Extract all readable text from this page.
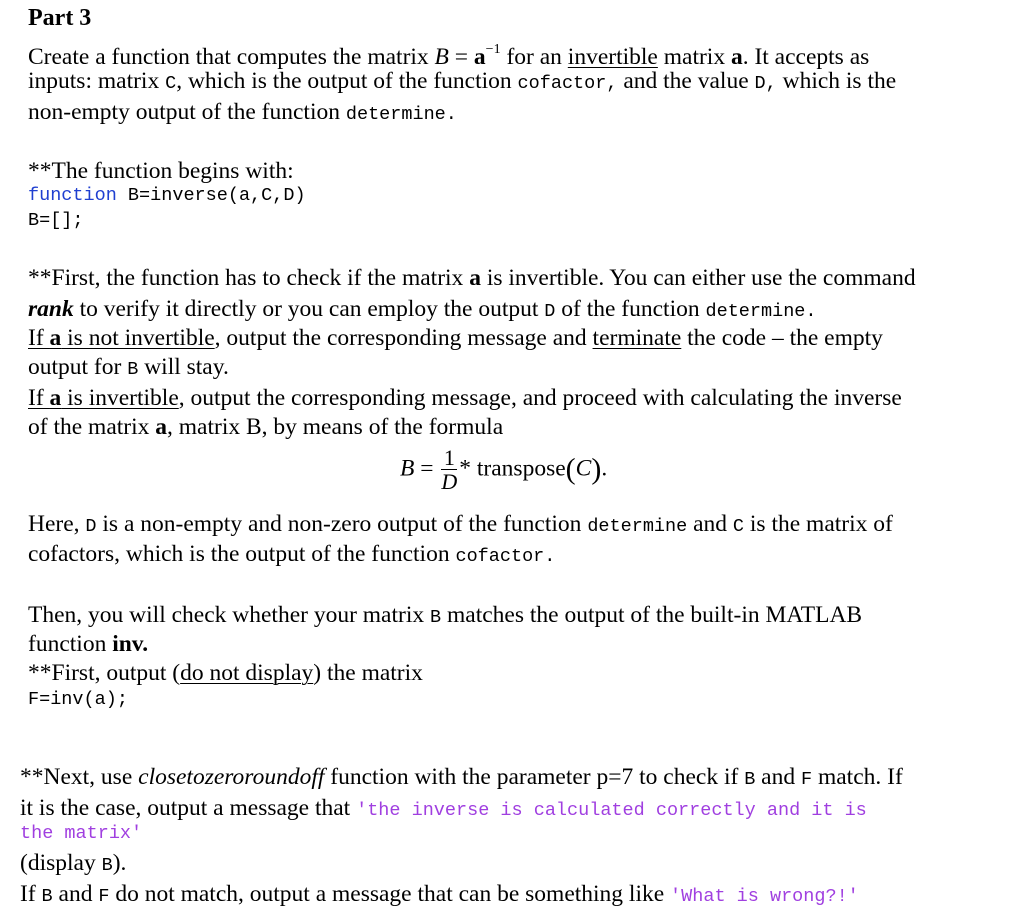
Part 3
Create a function that computes the matrix $B = a^{-1}$ for an invertible matrix a. It accepts as
inputs: matrix C, which is the output of the function cofactor, and the value D, which is the
non-empty output of the function determine.
**The function begins with:
function B=inverse(a,C,D)
B=[];
**First, the function has to check if the matrix a is invertible. You can either use the command
rank to verify it directly or you can employ the output D of the function determine.
If a is not invertible, output the corresponding message and terminate the code – the empty
output for B will stay.
If a is invertible, output the corresponding message, and proceed with calculating the inverse
of the matrix a, matrix B, by means of the formula
$B = \frac{1}{D}$ * transpose(C).
Here, D is a non-empty and non-zero output of the function determine and C is the matrix of
cofactors, which is the output of the function cofactor.
Then, you will check whether your matrix B matches the output of the built-in MATLAB
function inv.
**First, output (do not display) the matrix
F=inv(a);
**Next, use closetozeroroundoff function with the parameter p=7 to check if B and F match. If
it is the case, output a message that 'the inverse is calculated correctly and it is
the matrix'
(display B).
If B and F do not match, output a message that can be something like 'What is wrong?!'
